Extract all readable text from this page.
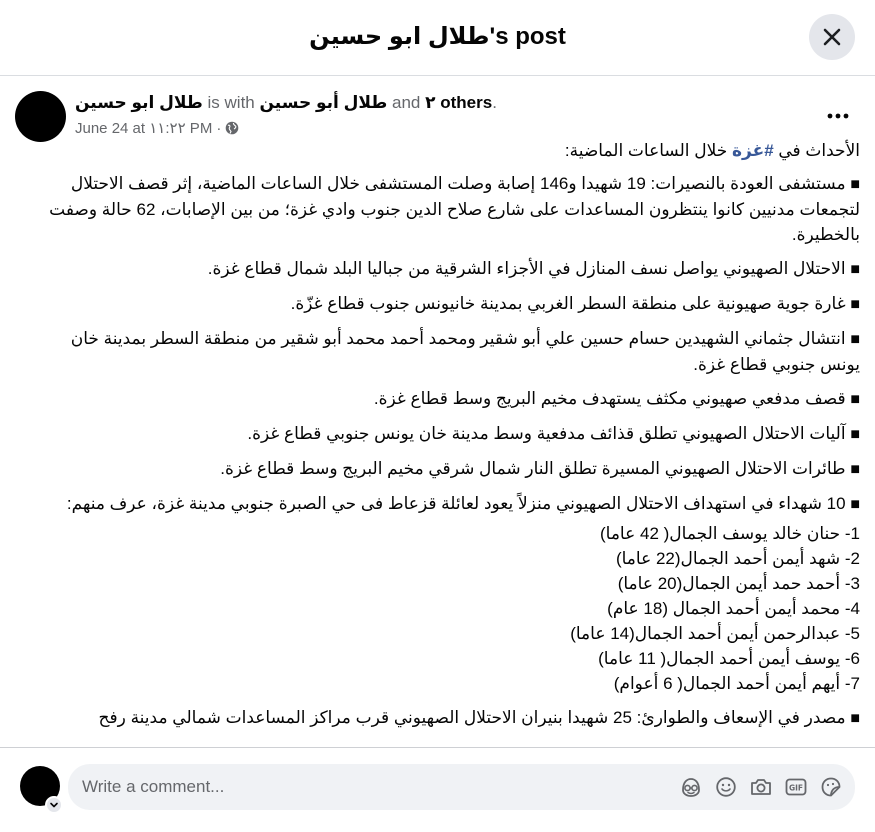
طلال ابو حسين's post
طلال ابو حسين is with طلال أبو حسين and ٢ others.
June 24 at ١١:٢٢ PM ·

الأحداث في #غزة خلال الساعات الماضية:

■ مستشفى العودة بالنصيرات: 19 شهيدا و146 إصابة وصلت المستشفى خلال الساعات الماضية، إثر قصف الاحتلال لتجمعات مدنيين كانوا ينتظرون المساعدات على شارع صلاح الدين جنوب وادي غزة؛ من بين الإصابات، 62 حالة وصفت بالخطيرة.

■ الاحتلال الصهيوني يواصل نسف المنازل في الأجزاء الشرقية من جباليا البلد شمال قطاع غزة.

■ غارة جوية صهيونية على منطقة السطر الغربي بمدينة خانيونس جنوب قطاع غزّة.

■ انتشال جثماني الشهيدين حسام حسين علي أبو شقير ومحمد أحمد محمد أبو شقير من منطقة السطر بمدينة خان يونس جنوبي قطاع غزة.

■ قصف مدفعي صهيوني مكثف يستهدف مخيم البريج وسط قطاع غزة.

■ آليات الاحتلال الصهيوني تطلق قذائف مدفعية وسط مدينة خان يونس جنوبي قطاع غزة.

■ طائرات الاحتلال الصهيوني المسيرة تطلق النار شمال شرقي مخيم البريج وسط قطاع غزة.

■ 10 شهداء في استهداف الاحتلال الصهيوني منزلاً يعود لعائلة قزعاط فى حي الصبرة جنوبي مدينة غزة، عرف منهم:

1- حنان خالد يوسف الجمال( 42 عاما)
2- شهد أيمن أحمد الجمال(22 عاما)
3- أحمد حمد أيمن الجمال(20 عاما)
4- محمد أيمن أحمد الجمال (18 عام)
5- عبدالرحمن أيمن أحمد الجمال(14 عاما)
6- يوسف أيمن أحمد الجمال( 11 عاما)
7- أيهم أيمن أحمد الجمال( 6 أعوام)

■ مصدر في الإسعاف والطوارئ: 25 شهيدا بنيران الاحتلال الصهيوني قرب مراكز المساعدات شمالي مدينة رفح

Write a comment...
GIF
